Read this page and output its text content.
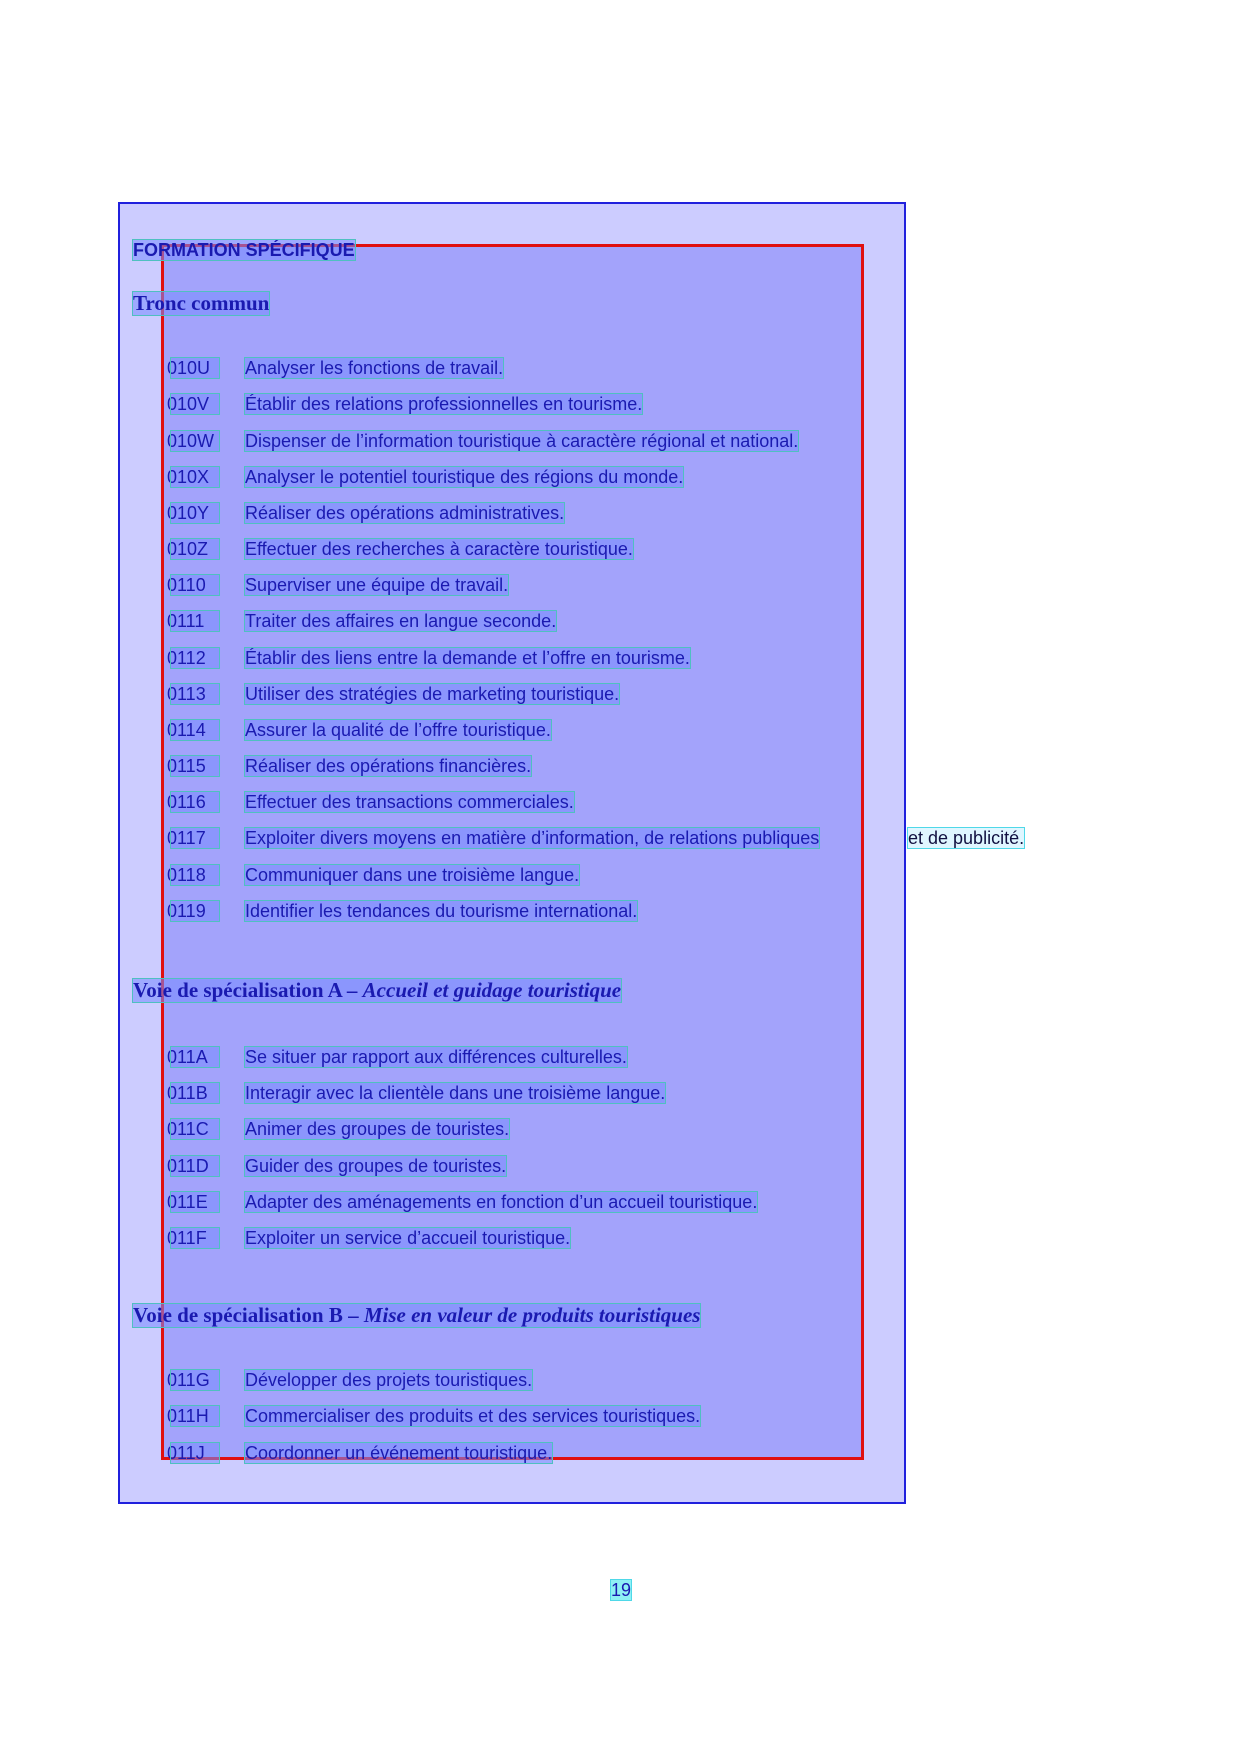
FORMATION SPÉCIFIQUE
Tronc commun
010U	Analyser les fonctions de travail.
010V	Établir des relations professionnelles en tourisme.
010W Dispenser de l’information touristique à caractère régional et national.
010X	Analyser le potentiel touristique des régions du monde.
010Y	Réaliser des opérations administratives.
010Z	Effectuer des recherches à caractère touristique.
0110	Superviser une équipe de travail.
0111	Traiter des affaires en langue seconde.
0112	Établir des liens entre la demande et l’offre en tourisme.
0113	Utiliser des stratégies de marketing touristique.
0114	Assurer la qualité de l’offre touristique.
0115	Réaliser des opérations financières.
0116	Effectuer des transactions commerciales.
0117	Exploiter divers moyens en matière d’information, de relations publiques	et de publicité.
0118	Communiquer dans une troisième langue.
0119	Identifier les tendances du tourisme international.
Voie de spécialisation A – Accueil et guidage touristique
011A	Se situer par rapport aux différences culturelles.
011B	Interagir avec la clientèle dans une troisième langue.
011C	Animer des groupes de touristes.
011D	Guider des groupes de touristes.
011E	Adapter des aménagements en fonction d’un accueil touristique.
011F	Exploiter un service d’accueil touristique.
Voie de spécialisation B – Mise en valeur de produits touristiques
011G	Développer des projets touristiques.
011H	Commercialiser des produits et des services touristiques.
011J	Coordonner un événement touristique.
19
